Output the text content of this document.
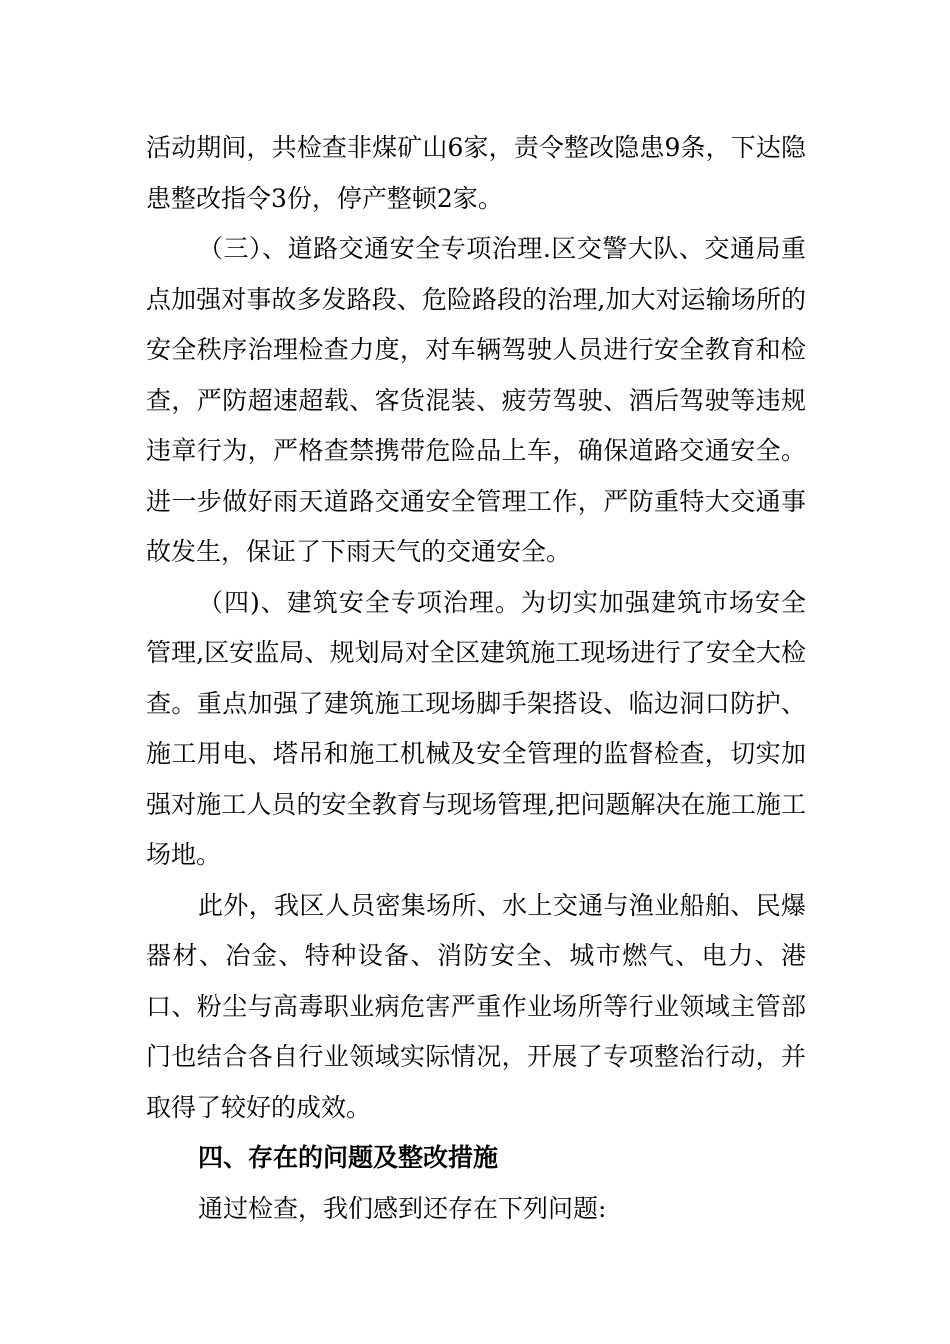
活动期间，共检查非煤矿山6家，责令整改隐患9条，下达隐患整改指令3份，停产整顿2家。

（三）、道路交通安全专项治理.区交警大队、交通局重点加强对事故多发路段、危险路段的治理,加大对运输场所的安全秩序治理检查力度，对车辆驾驶人员进行安全教育和检查，严防超速超载、客货混装、疲劳驾驶、酒后驾驶等违规违章行为，严格查禁携带危险品上车，确保道路交通安全。进一步做好雨天道路交通安全管理工作，严防重特大交通事故发生，保证了下雨天气的交通安全。

（四)、建筑安全专项治理。为切实加强建筑市场安全管理,区安监局、规划局对全区建筑施工现场进行了安全大检查。重点加强了建筑施工现场脚手架搭设、临边洞口防护、施工用电、塔吊和施工机械及安全管理的监督检查，切实加强对施工人员的安全教育与现场管理,把问题解决在施工施工场地。

此外，我区人员密集场所、水上交通与渔业船舶、民爆器材、冶金、特种设备、消防安全、城市燃气、电力、港口、粉尘与高毒职业病危害严重作业场所等行业领域主管部门也结合各自行业领域实际情况，开展了专项整治行动，并取得了较好的成效。

四、存在的问题及整改措施

通过检查，我们感到还存在下列问题:
